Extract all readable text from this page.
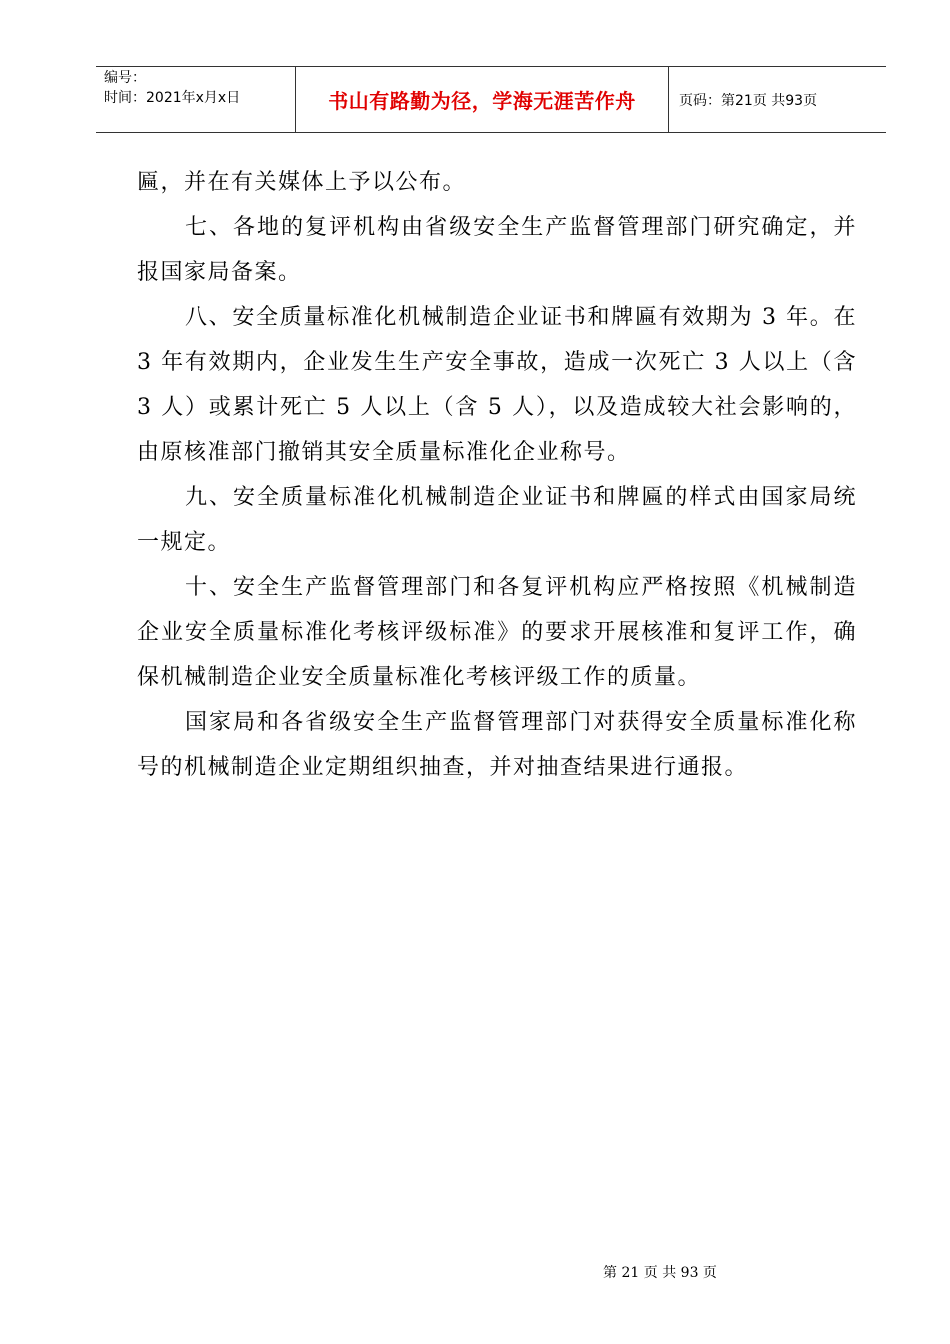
编号：
时间：2021年x月x日	书山有路勤为径，学海无涯苦作舟	页码：第21页 共93页

匾，并在有关媒体上予以公布。

七、各地的复评机构由省级安全生产监督管理部门研究确定，并报国家局备案。

八、安全质量标准化机械制造企业证书和牌匾有效期为 3 年。在 3 年有效期内，企业发生生产安全事故，造成一次死亡 3 人以上（含 3 人）或累计死亡 5 人以上（含 5 人），以及造成较大社会影响的，由原核准部门撤销其安全质量标准化企业称号。

九、安全质量标准化机械制造企业证书和牌匾的样式由国家局统一规定。

十、安全生产监督管理部门和各复评机构应严格按照《机械制造企业安全质量标准化考核评级标准》的要求开展核准和复评工作，确保机械制造企业安全质量标准化考核评级工作的质量。

国家局和各省级安全生产监督管理部门对获得安全质量标准化称号的机械制造企业定期组织抽查，并对抽查结果进行通报。

第 21 页 共 93 页
